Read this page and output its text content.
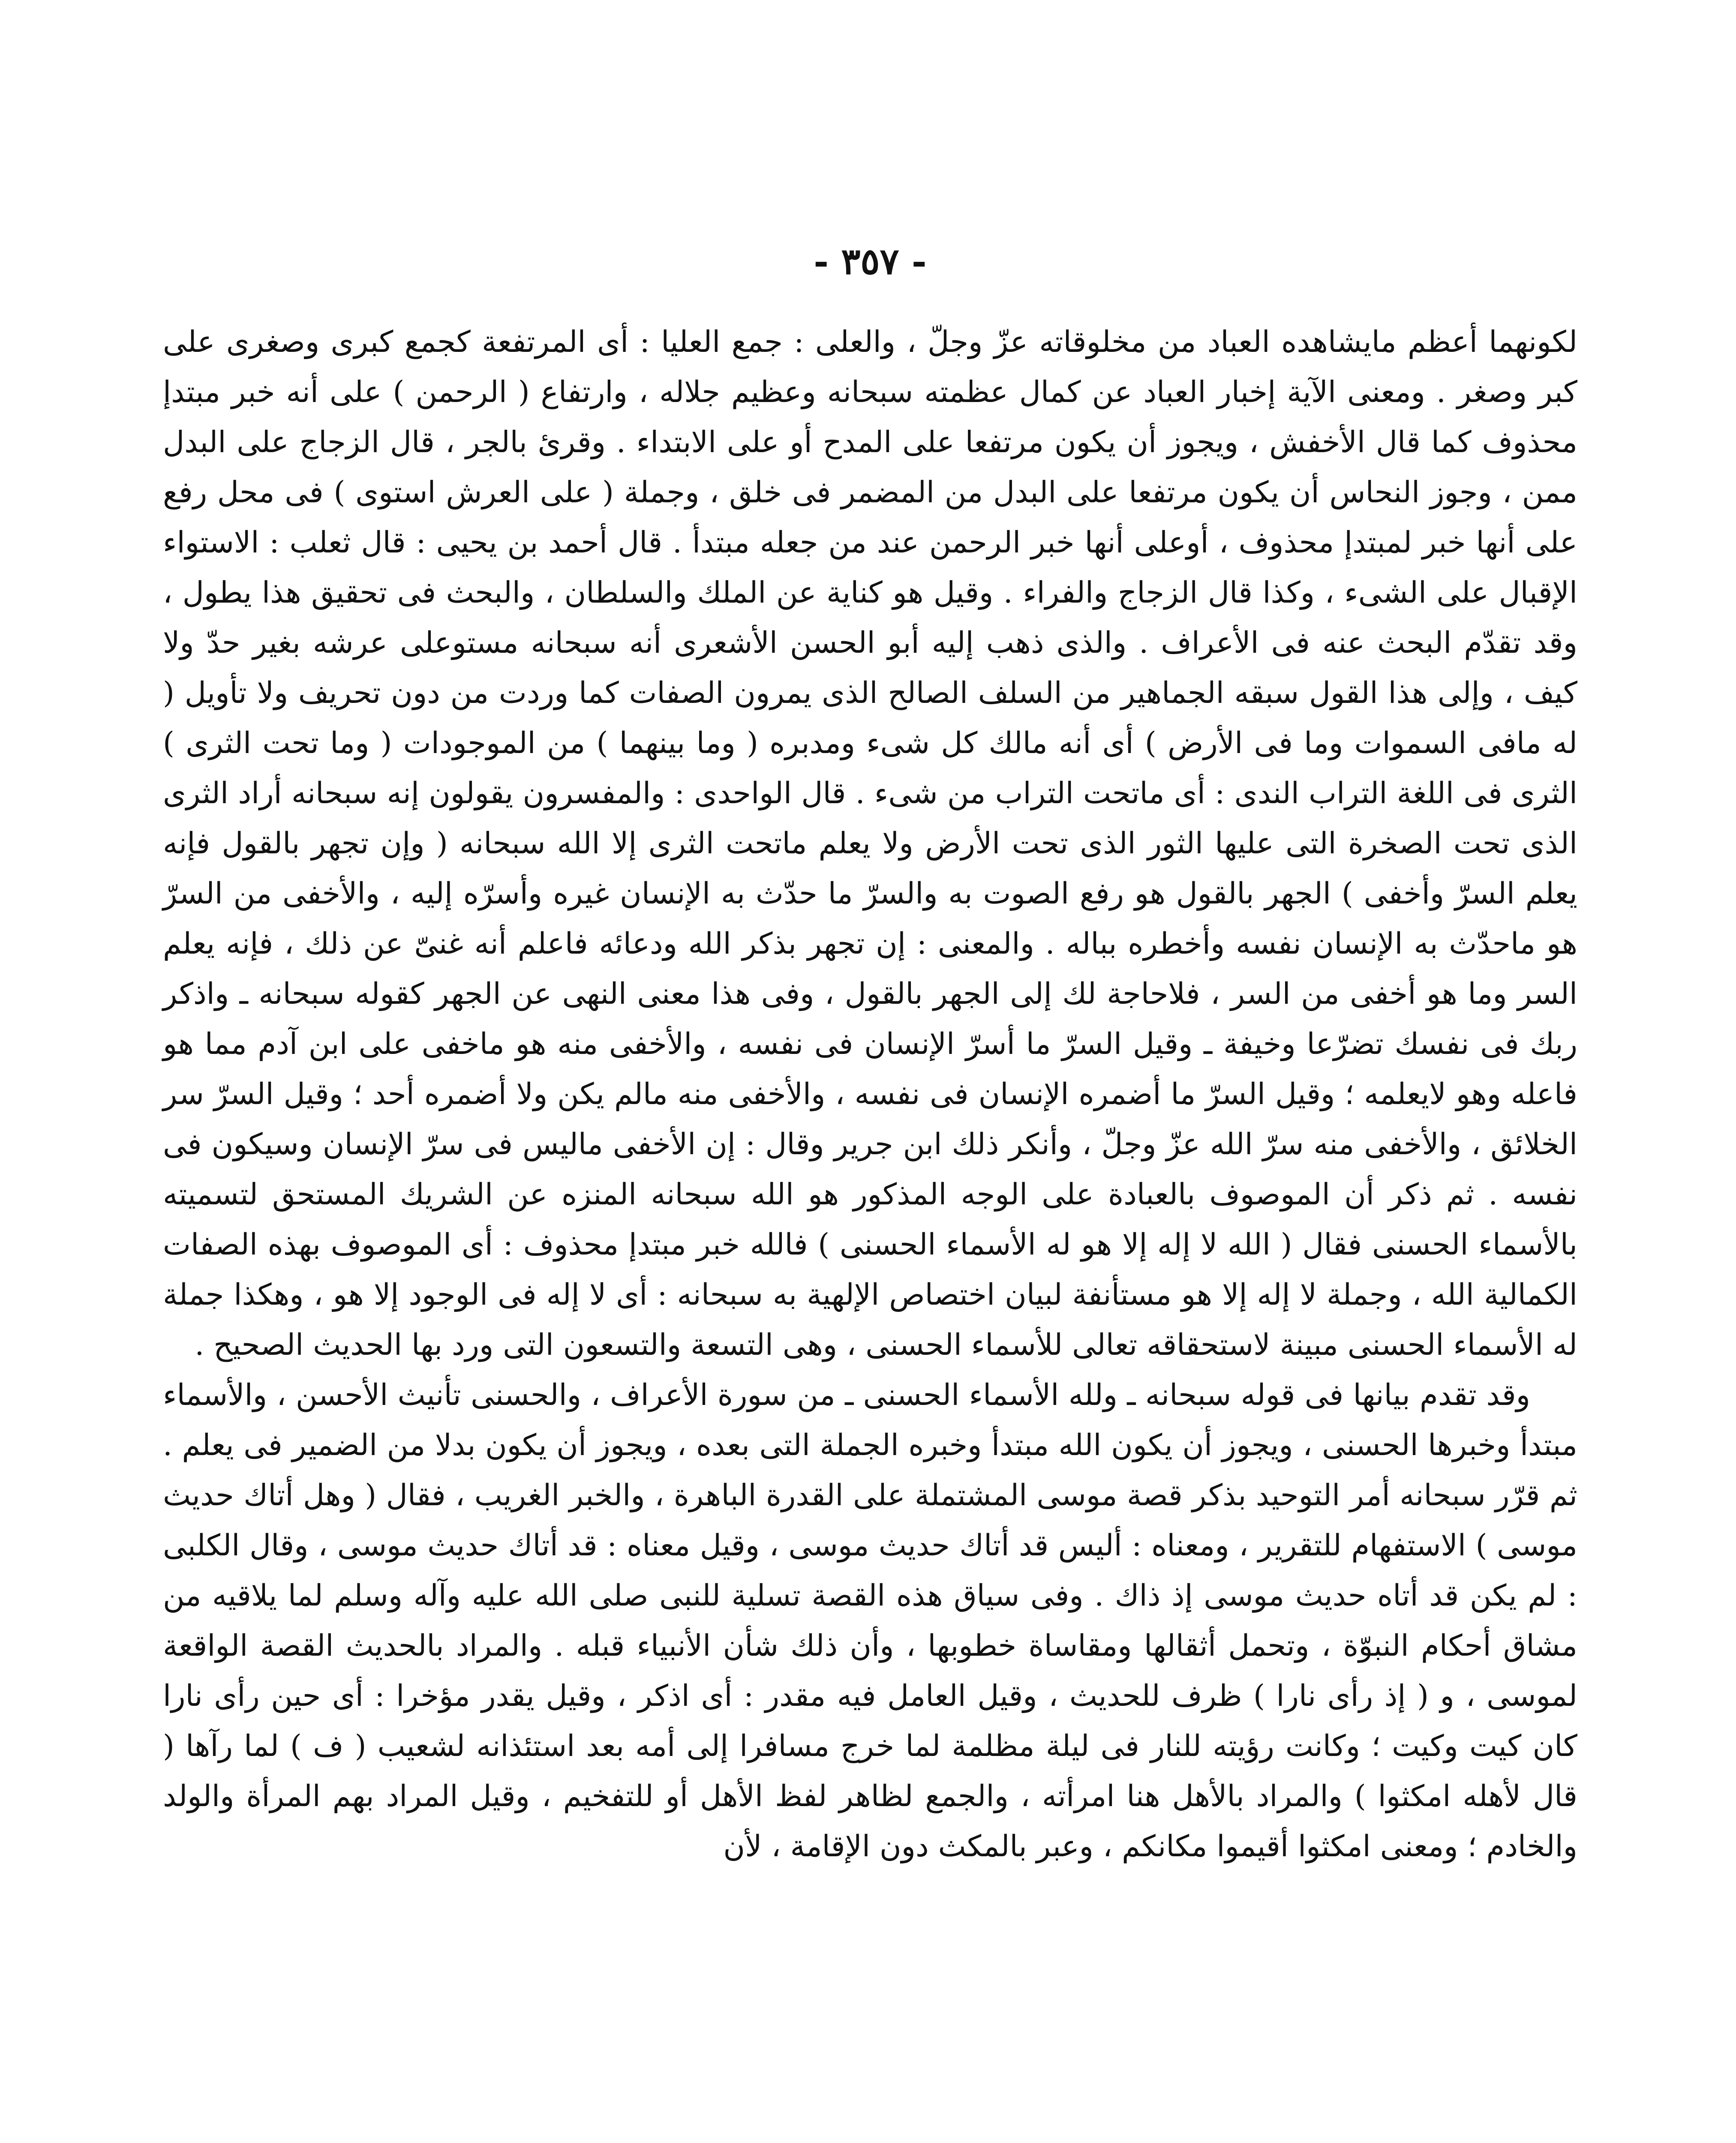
- ٣٥٧ -

لكونهما أعظم مايشاهده العباد من مخلوقاته عزّ وجلّ ، والعلى : جمع العليا : أى المرتفعة كجمع كبرى وصغرى على كبر وصغر . ومعنى الآية إخبار العباد عن كمال عظمته سبحانه وعظيم جلاله ، وارتفاع ( الرحمن ) على أنه خبر مبتدإ محذوف كما قال الأخفش ، ويجوز أن يكون مرتفعا على المدح أو على الابتداء . وقرئ بالجر ، قال الزجاج على البدل ممن ، وجوز النحاس أن يكون مرتفعا على البدل من المضمر فى خلق ، وجملة ( على العرش استوى ) فى محل رفع على أنها خبر لمبتدإ محذوف ، أوعلى أنها خبر الرحمن عند من جعله مبتدأ . قال أحمد بن يحيى : قال ثعلب : الاستواء الإقبال على الشىء ، وكذا قال الزجاج والفراء . وقيل هو كناية عن الملك والسلطان ، والبحث فى تحقيق هذا يطول ، وقد تقدّم البحث عنه فى الأعراف . والذى ذهب إليه أبو الحسن الأشعرى أنه سبحانه مستوعلى عرشه بغير حدّ ولا كيف ، وإلى هذا القول سبقه الجماهير من السلف الصالح الذى يمرون الصفات كما وردت من دون تحريف ولا تأويل ( له مافى السموات وما فى الأرض ) أى أنه مالك كل شىء ومدبره ( وما بينهما ) من الموجودات ( وما تحت الثرى ) الثرى فى اللغة التراب الندى : أى ماتحت التراب من شىء . قال الواحدى : والمفسرون يقولون إنه سبحانه أراد الثرى الذى تحت الصخرة التى عليها الثور الذى تحت الأرض ولا يعلم ماتحت الثرى إلا الله سبحانه ( وإن تجهر بالقول فإنه يعلم السرّ وأخفى ) الجهر بالقول هو رفع الصوت به والسرّ ما حدّث به الإنسان غيره وأسرّه إليه ، والأخفى من السرّ هو ماحدّث به الإنسان نفسه وأخطره بباله . والمعنى : إن تجهر بذكر الله ودعائه فاعلم أنه غنىّ عن ذلك ، فإنه يعلم السر وما هو أخفى من السر ، فلاحاجة لك إلى الجهر بالقول ، وفى هذا معنى النهى عن الجهر كقوله سبحانه ـ واذكر ربك فى نفسك تضرّعا وخيفة ـ وقيل السرّ ما أسرّ الإنسان فى نفسه ، والأخفى منه هو ماخفى على ابن آدم مما هو فاعله وهو لايعلمه ؛ وقيل السرّ ما أضمره الإنسان فى نفسه ، والأخفى منه مالم يكن ولا أضمره أحد ؛ وقيل السرّ سر الخلائق ، والأخفى منه سرّ الله عزّ وجلّ ، وأنكر ذلك ابن جرير وقال : إن الأخفى ماليس فى سرّ الإنسان وسيكون فى نفسه . ثم ذكر أن الموصوف بالعبادة على الوجه المذكور هو الله سبحانه المنزه عن الشريك المستحق لتسميته بالأسماء الحسنى فقال ( الله لا إله إلا هو له الأسماء الحسنى ) فالله خبر مبتدإ محذوف : أى الموصوف بهذه الصفات الكمالية الله ، وجملة لا إله إلا هو مستأنفة لبيان اختصاص الإلهية به سبحانه : أى لا إله فى الوجود إلا هو ، وهكذا جملة له الأسماء الحسنى مبينة لاستحقاقه تعالى للأسماء الحسنى ، وهى التسعة والتسعون التى ورد بها الحديث الصحيح .

وقد تقدم بيانها فى قوله سبحانه ـ ولله الأسماء الحسنى ـ من سورة الأعراف ، والحسنى تأنيث الأحسن ، والأسماء مبتدأ وخبرها الحسنى ، ويجوز أن يكون الله مبتدأ وخبره الجملة التى بعده ، ويجوز أن يكون بدلا من الضمير فى يعلم . ثم قرّر سبحانه أمر التوحيد بذكر قصة موسى المشتملة على القدرة الباهرة ، والخبر الغريب ، فقال ( وهل أتاك حديث موسى ) الاستفهام للتقرير ، ومعناه : أليس قد أتاك حديث موسى ، وقيل معناه : قد أتاك حديث موسى ، وقال الكلبى : لم يكن قد أتاه حديث موسى إذ ذاك . وفى سياق هذه القصة تسلية للنبى صلى الله عليه وآله وسلم لما يلاقيه من مشاق أحكام النبوّة ، وتحمل أثقالها ومقاساة خطوبها ، وأن ذلك شأن الأنبياء قبله . والمراد بالحديث القصة الواقعة لموسى ، و ( إذ رأى نارا ) ظرف للحديث ، وقيل العامل فيه مقدر : أى اذكر ، وقيل يقدر مؤخرا : أى حين رأى نارا كان كيت وكيت ؛ وكانت رؤيته للنار فى ليلة مظلمة لما خرج مسافرا إلى أمه بعد استئذانه لشعيب ( ف ) لما رآها ( قال لأهله امكثوا ) والمراد بالأهل هنا امرأته ، والجمع لظاهر لفظ الأهل أو للتفخيم ، وقيل المراد بهم المرأة والولد والخادم ؛ ومعنى امكثوا أقيموا مكانكم ، وعبر بالمكث دون الإقامة ، لأن
